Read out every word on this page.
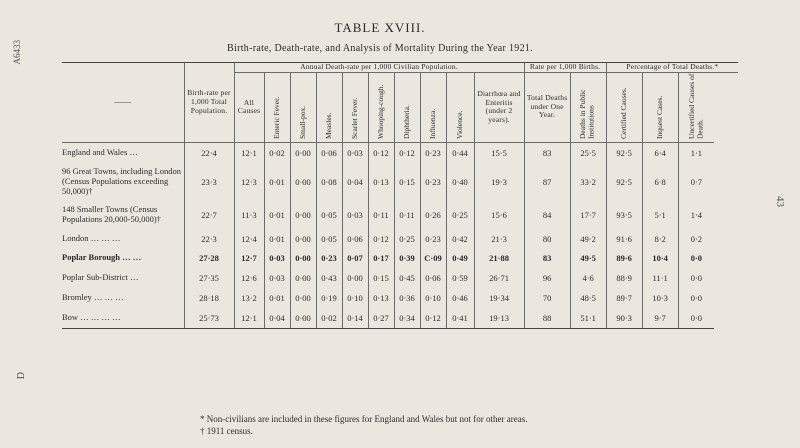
A6433
43
D
TABLE XVIII.
Birth-rate, Death-rate, and Analysis of Mortality During the Year 1921.
——	Birth-rate per 1,000 Total Population.	Annual Death-rate per 1,000 Civilian Population.										Rate per 1,000 Births.		Percentage of Total Deaths.*		
		All Causes	Enteric Fever.	Small-pox.	Measles.	Scarlet Fever.	Whooping-cough.	Diphtheria.	Influenza.	Violence.	Diarrhœa and Enteritis (under 2 years).	Total Deaths under One Year.	Deaths in Public Institutions	Certified Causes.	Inquest Cases.	Uncertified Causes of Death.
England and Wales …	22·4	12·1	0·02	0·00	0·06	0·03	0·12	0·12	0·23	0·44	15·5	83	25·5	92·5	6·4	1·1
96 Great Towns, including London (Census Populations exceeding 50,000)†	23·3	12·3	0·01	0·00	0·08	0·04	0·13	0·15	0·23	0·40	19·3	87	33·2	92·5	6·8	0·7
148 Smaller Towns (Census Populations 20,000-50,000)†	22·7	11·3	0·01	0·00	0·05	0·03	0·11	0·11	0·26	0·25	15·6	84	17·7	93·5	5·1	1·4
London … … …	22·3	12·4	0·01	0·00	0·05	0·06	0·12	0·25	0·23	0·42	21·3	80	49·2	91·6	8·2	0·2
Poplar Borough … …	27·28	12·7	0·03	0·00	0·23	0·07	0·17	0·39	C·09	0·49	21·88	83	49·5	89·6	10·4	0·0
Poplar Sub-District …	27·35	12·6	0·03	0·00	0·43	0·00	0·15	0·45	0·06	0·59	26·71	96	4·6	88·9	11·1	0·0
Bromley … … …	28·18	13·2	0·01	0·00	0·19	0·10	0·13	0·36	0·10	0·46	19·34	70	48·5	89·7	10·3	0·0
Bow … … … …	25·73	12·1	0·04	0·00	0·02	0·14	0·27	0·34	0·12	0·41	19·13	88	51·1	90·3	9·7	0·0
* Non-civilians are included in these figures for England and Wales but not for other areas.
† 1911 census.
